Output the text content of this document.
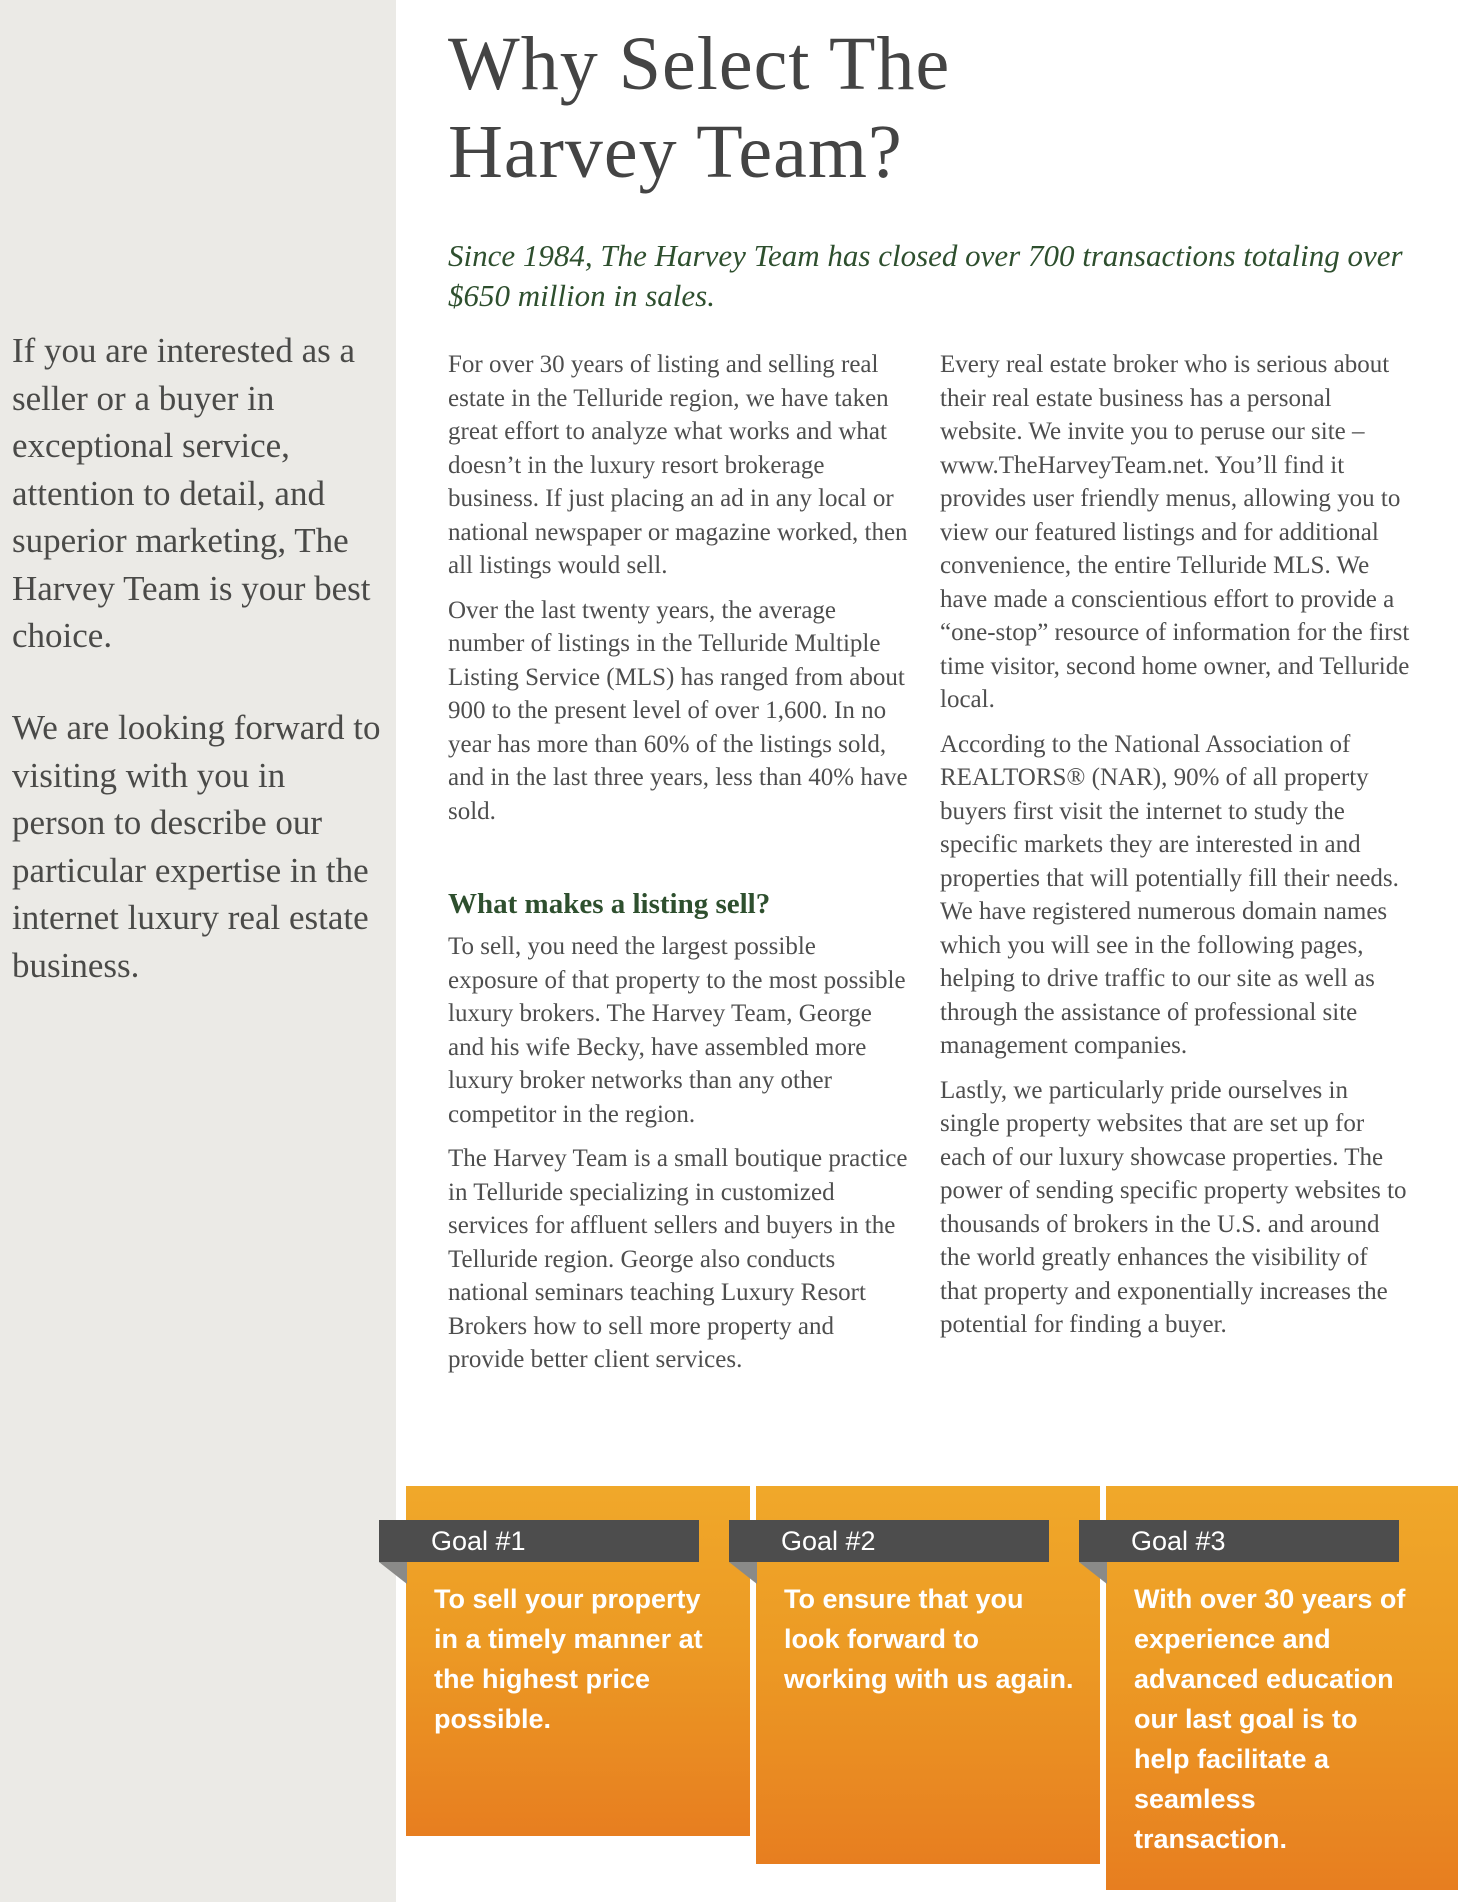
If you are interested as a seller or a buyer in exceptional service, attention to detail, and superior marketing, The Harvey Team is your best choice.

We are looking forward to visiting with you in person to describe our particular expertise in the internet luxury real estate business.

Why Select The
Harvey Team?

Since 1984, The Harvey Team has closed over 700 transactions totaling over $650 million in sales.

For over 30 years of listing and selling real estate in the Telluride region, we have taken great effort to analyze what works and what doesn’t in the luxury resort brokerage business. If just placing an ad in any local or national newspaper or magazine worked, then all listings would sell.

Over the last twenty years, the average number of listings in the Telluride Multiple Listing Service (MLS) has ranged from about 900 to the present level of over 1,600. In no year has more than 60% of the listings sold, and in the last three years, less than 40% have sold.

What makes a listing sell?

To sell, you need the largest possible exposure of that property to the most possible luxury brokers. The Harvey Team, George and his wife Becky, have assembled more luxury broker networks than any other competitor in the region.

The Harvey Team is a small boutique practice in Telluride specializing in customized services for affluent sellers and buyers in the Telluride region. George also conducts national seminars teaching Luxury Resort Brokers how to sell more property and provide better client services.

Every real estate broker who is serious about their real estate business has a personal website. We invite you to peruse our site – www.TheHarveyTeam.net. You’ll find it provides user friendly menus, allowing you to view our featured listings and for additional convenience, the entire Telluride MLS. We have made a conscientious effort to provide a “one-stop” resource of information for the first time visitor, second home owner, and Telluride local.

According to the National Association of REALTORS® (NAR), 90% of all property buyers first visit the internet to study the specific markets they are interested in and properties that will potentially fill their needs. We have registered numerous domain names which you will see in the following pages, helping to drive traffic to our site as well as through the assistance of professional site management companies.

Lastly, we particularly pride ourselves in single property websites that are set up for each of our luxury showcase properties. The power of sending specific property websites to thousands of brokers in the U.S. and around the world greatly enhances the visibility of that property and exponentially increases the potential for finding a buyer.

Goal #1

To sell your property in a timely manner at the highest price possible.

Goal #2

To ensure that you look forward to working with us again.

Goal #3

With over 30 years of experience and advanced education our last goal is to help facilitate a seamless transaction.
